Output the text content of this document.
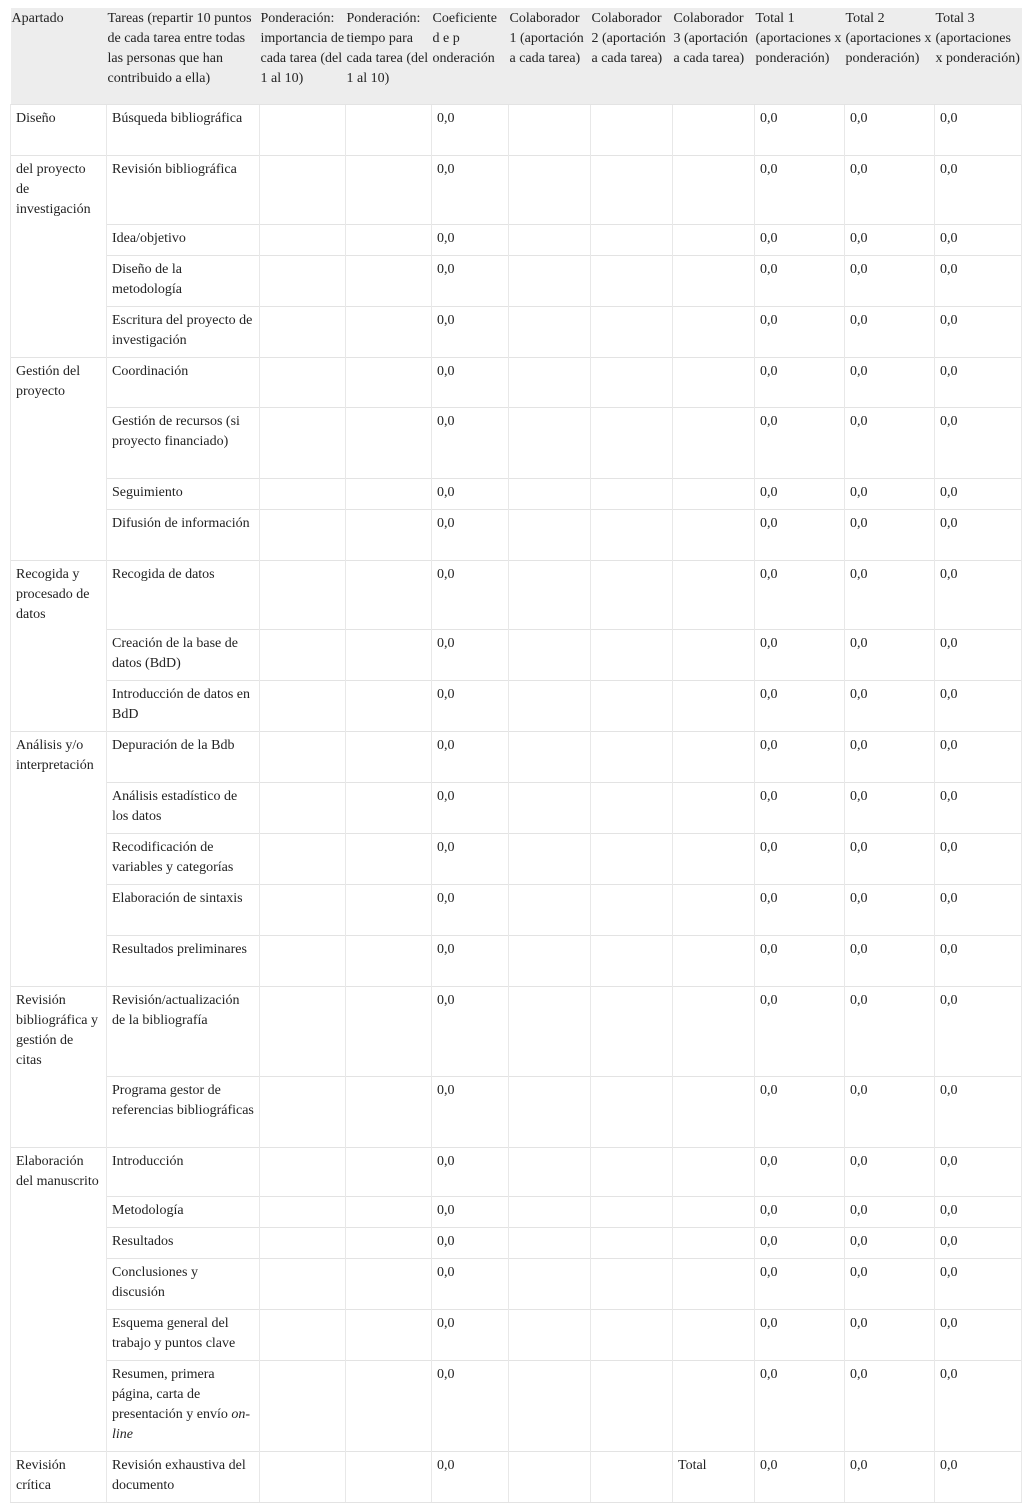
Apartado	Tareas (repartir 10 puntos de cada tarea entre todas las personas que han contribuido a ella)	Ponderación: importancia de cada tarea (del 1 al 10)	Ponderación: tiempo para cada tarea (del 1 al 10)	Coeficiente d e p onderación	Colaborador 1 (aportación a cada tarea)	Colaborador 2 (aportación a cada tarea)	Colaborador 3 (aportación a cada tarea)	Total 1 (aportaciones x ponderación)	Total 2 (aportaciones x ponderación)	Total 3 (aportaciones x ponderación)
Diseño	Búsqueda bibliográfica			0,0				0,0	0,0	0,0
del proyecto de investigación	Revisión bibliográfica			0,0				0,0	0,0	0,0
	Idea/objetivo			0,0				0,0	0,0	0,0
	Diseño de la metodología			0,0				0,0	0,0	0,0
	Escritura del proyecto de investigación			0,0				0,0	0,0	0,0
Gestión del proyecto	Coordinación			0,0				0,0	0,0	0,0
	Gestión de recursos (si proyecto financiado)			0,0				0,0	0,0	0,0
	Seguimiento			0,0				0,0	0,0	0,0
	Difusión de información			0,0				0,0	0,0	0,0
Recogida y procesado de datos	Recogida de datos			0,0				0,0	0,0	0,0
	Creación de la base de datos (BdD)			0,0				0,0	0,0	0,0
	Introducción de datos en BdD			0,0				0,0	0,0	0,0
Análisis y/o interpretación	Depuración de la Bdb			0,0				0,0	0,0	0,0
	Análisis estadístico de los datos			0,0				0,0	0,0	0,0
	Recodificación de variables y categorías			0,0				0,0	0,0	0,0
	Elaboración de sintaxis			0,0				0,0	0,0	0,0
	Resultados preliminares			0,0				0,0	0,0	0,0
Revisión bibliográfica y gestión de citas	Revisión/actualización de la bibliografía			0,0				0,0	0,0	0,0
	Programa gestor de referencias bibliográficas			0,0				0,0	0,0	0,0
Elaboración del manuscrito	Introducción			0,0				0,0	0,0	0,0
	Metodología			0,0				0,0	0,0	0,0
	Resultados			0,0				0,0	0,0	0,0
	Conclusiones y discusión			0,0				0,0	0,0	0,0
	Esquema general del trabajo y puntos clave			0,0				0,0	0,0	0,0
	Resumen, primera página, carta de presentación y envío on-line			0,0				0,0	0,0	0,0
Revisión crítica	Revisión exhaustiva del documento			0,0			Total	0,0	0,0	0,0
